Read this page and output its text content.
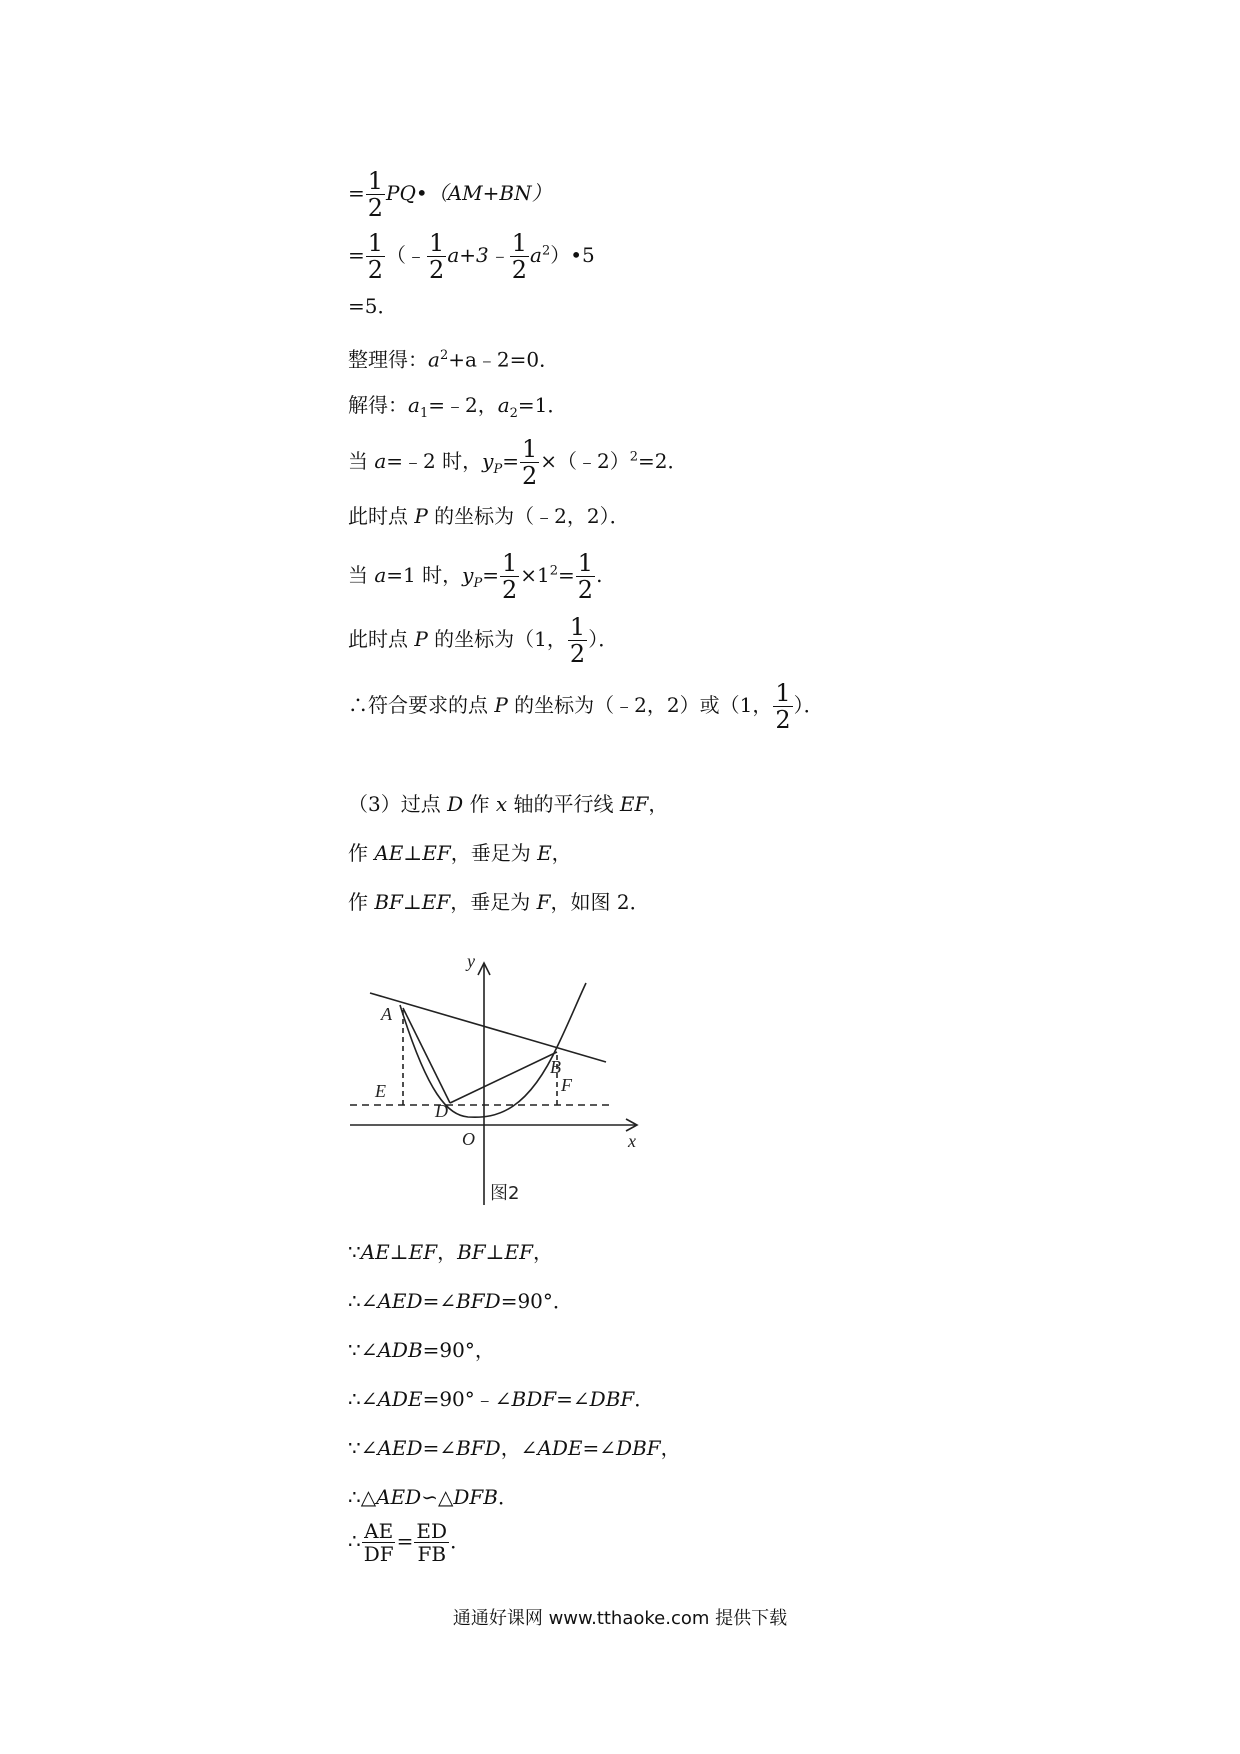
= $\frac{1}{2}$ PQ•（AM+BN）
= $\frac{1}{2}$ （﹣ $\frac{1}{2}$ a+3﹣ $\frac{1}{2}$ $a^2)•5$
=5．
整理得：$a^2+a﹣2=0$．
解得：$a_1=﹣2$，$a_2=1$．
当 a=﹣2 时，$y_P= \frac{1}{2}$ ×（﹣2）$^2$=2．
此时点 P 的坐标为（﹣2，2）．
当 a=1 时，$y_P= \frac{1}{2} \times 1^2= \frac{1}{2}$ .
此时点 P 的坐标为（1， $\frac{1}{2}$ ）．
∴符合要求的点 P 的坐标为（﹣2，2）或（1， $\frac{1}{2}$ ）．
（3）过点 D 作 x 轴的平行线 EF，
作 AE⊥EF，垂足为 E，
作 BF⊥EF，垂足为 F，如图 2．
y
x
A
B
E	F
D
O
图2
∵AE⊥EF，BF⊥EF，
∴∠AED=∠BFD=90°．
∵∠ADB=90°，
∴∠ADE=90°﹣∠BDF=∠DBF．
∵∠AED=∠BFD，∠ADE=∠DBF，
∴△AED∽△DFB．
∴ $\frac{AE}{DF} = \frac{ED}{FB}$ ．
通通好课网 www.tthaoke.com 提供下载
